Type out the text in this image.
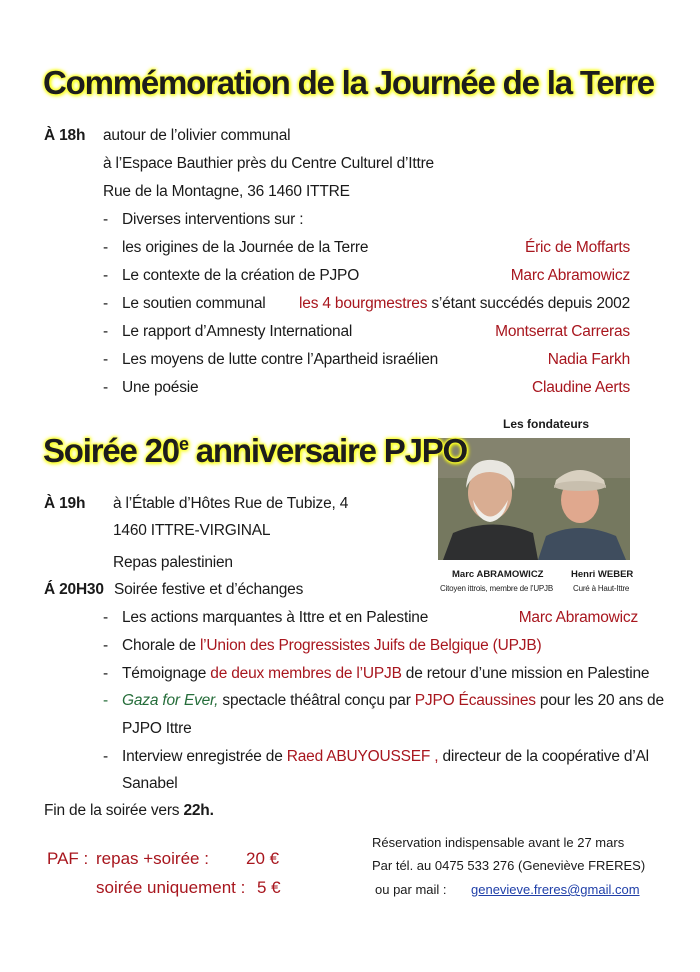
Commémoration de la Journée de la Terre
À 18h autour de l’olivier communal
à l’Espace Bauthier près du Centre Culturel d’Ittre
Rue de la Montagne, 36 1460 ITTRE
- Diverses interventions sur :
- les origines de la Journée de la Terre	Éric de Moffarts
- Le contexte de la création de PJPO	Marc Abramowicz
- Le soutien communal les 4 bourgmestres s’étant succédés depuis 2002
- Le rapport d’Amnesty International	Montserrat Carreras
- Les moyens de lutte contre l’Apartheid israélien	Nadia Farkh
- Une poésie	Claudine Aerts
Les fondateurs
Marc ABRAMOWICZ
Citoyen ittrois, membre de l’UPJB
Henri WEBER
Curé à Haut-Ittre
Soirée 20e anniversaire PJPO
À 19h à l’Étable d’Hôtes Rue de Tubize, 4
1460 ITTRE-VIRGINAL
Repas palestinien
Á 20H30 Soirée festive et d’échanges
- Les actions marquantes à Ittre et en Palestine	Marc Abramowicz
- Chorale de l’Union des Progressistes Juifs de Belgique (UPJB)
- Témoignage de deux membres de l’UPJB de retour d’une mission en Palestine
- Gaza for Ever, spectacle théâtral conçu par PJPO Écaussines pour les 20 ans de
PJPO Ittre
- Interview enregistrée de Raed ABUYOUSSEF , directeur de la coopérative d’Al
Sanabel
Fin de la soirée vers 22h.
PAF : repas +soirée : 20 €
soirée uniquement : 5 €
Réservation indispensable avant le 27 mars
Par tél. au 0475 533 276 (Geneviève FRERES)
ou par mail : genevieve.freres@gmail.com
